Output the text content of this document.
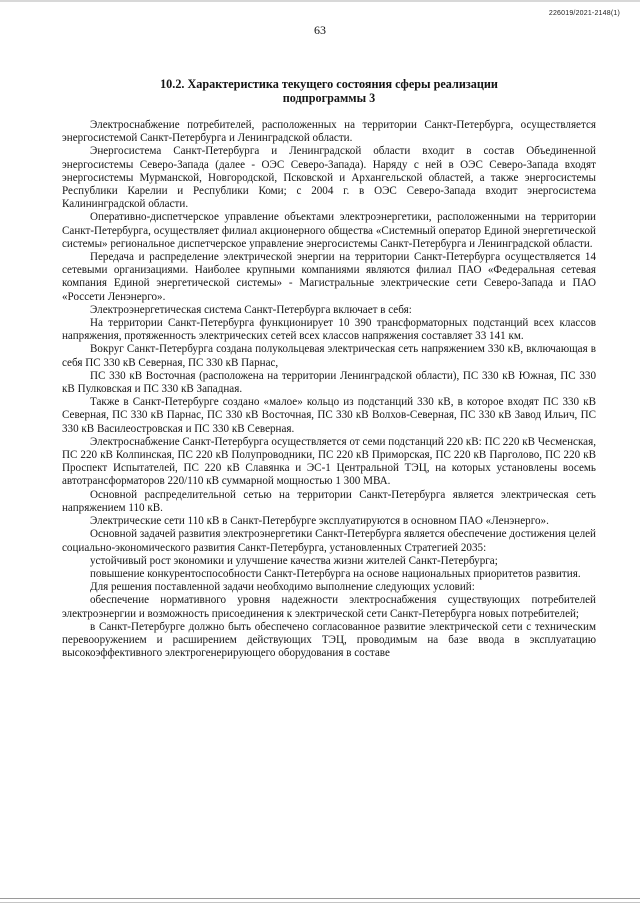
226019/2021-2148(1)
63
10.2. Характеристика текущего состояния сферы реализации подпрограммы 3

Электроснабжение потребителей, расположенных на территории Санкт-Петербурга, осуществляется энергосистемой Санкт-Петербурга и Ленинградской области.

Энергосистема Санкт-Петербурга и Ленинградской области входит в состав Объединенной энергосистемы Северо-Запада (далее - ОЭС Северо-Запада). Наряду с ней в ОЭС Северо-Запада входят энергосистемы Мурманской, Новгородской, Псковской и Архангельской областей, а также энергосистемы Республики Карелии и Республики Коми; с 2004 г. в ОЭС Северо-Запада входит энергосистема Калининградской области.

Оперативно-диспетчерское управление объектами электроэнергетики, расположенными на территории Санкт-Петербурга, осуществляет филиал акционерного общества «Системный оператор Единой энергетической системы» региональное диспетчерское управление энергосистемы Санкт-Петербурга и Ленинградской области.

Передача и распределение электрической энергии на территории Санкт-Петербурга осуществляется 14 сетевыми организациями. Наиболее крупными компаниями являются филиал ПАО «Федеральная сетевая компания Единой энергетической системы» - Магистральные электрические сети Северо-Запада и ПАО «Россети Ленэнерго».

Электроэнергетическая система Санкт-Петербурга включает в себя:

На территории Санкт-Петербурга функционирует 10 390 трансформаторных подстанций всех классов напряжения, протяженность электрических сетей всех классов напряжения составляет 33 141 км.

Вокруг Санкт-Петербурга создана полукольцевая электрическая сеть напряжением 330 кВ, включающая в себя ПС 330 кВ Северная, ПС 330 кВ Парнас,

ПС 330 кВ Восточная (расположена на территории Ленинградской области), ПС 330 кВ Южная, ПС 330 кВ Пулковская и ПС 330 кВ Западная.

Также в Санкт-Петербурге создано «малое» кольцо из подстанций 330 кВ, в которое входят ПС 330 кВ Северная, ПС 330 кВ Парнас, ПС 330 кВ Восточная, ПС 330 кВ Волхов-Северная, ПС 330 кВ Завод Ильич, ПС 330 кВ Василеостровская и ПС 330 кВ Северная.

Электроснабжение Санкт-Петербурга осуществляется от семи подстанций 220 кВ: ПС 220 кВ Чесменская, ПС 220 кВ Колпинская, ПС 220 кВ Полупроводники, ПС 220 кВ Приморская, ПС 220 кВ Парголово, ПС 220 кВ Проспект Испытателей, ПС 220 кВ Славянка и ЭС-1 Центральной ТЭЦ, на которых установлены восемь автотрансформаторов 220/110 кВ суммарной мощностью 1 300 МВА.

Основной распределительной сетью на территории Санкт-Петербурга является электрическая сеть напряжением 110 кВ.

Электрические сети 110 кВ в Санкт-Петербурге эксплуатируются в основном ПАО «Ленэнерго».

Основной задачей развития электроэнергетики Санкт-Петербурга является обеспечение достижения целей социально-экономического развития Санкт-Петербурга, установленных Стратегией 2035:

устойчивый рост экономики и улучшение качества жизни жителей Санкт-Петербурга;

повышение конкурентоспособности Санкт-Петербурга на основе национальных приоритетов развития.

Для решения поставленной задачи необходимо выполнение следующих условий:

обеспечение нормативного уровня надежности электроснабжения существующих потребителей электроэнергии и возможность присоединения к электрической сети Санкт-Петербурга новых потребителей;

в Санкт-Петербурге должно быть обеспечено согласованное развитие электрической сети с техническим перевооружением и расширением действующих ТЭЦ, проводимым на базе ввода в эксплуатацию высокоэффективного электрогенерирующего оборудования в составе
